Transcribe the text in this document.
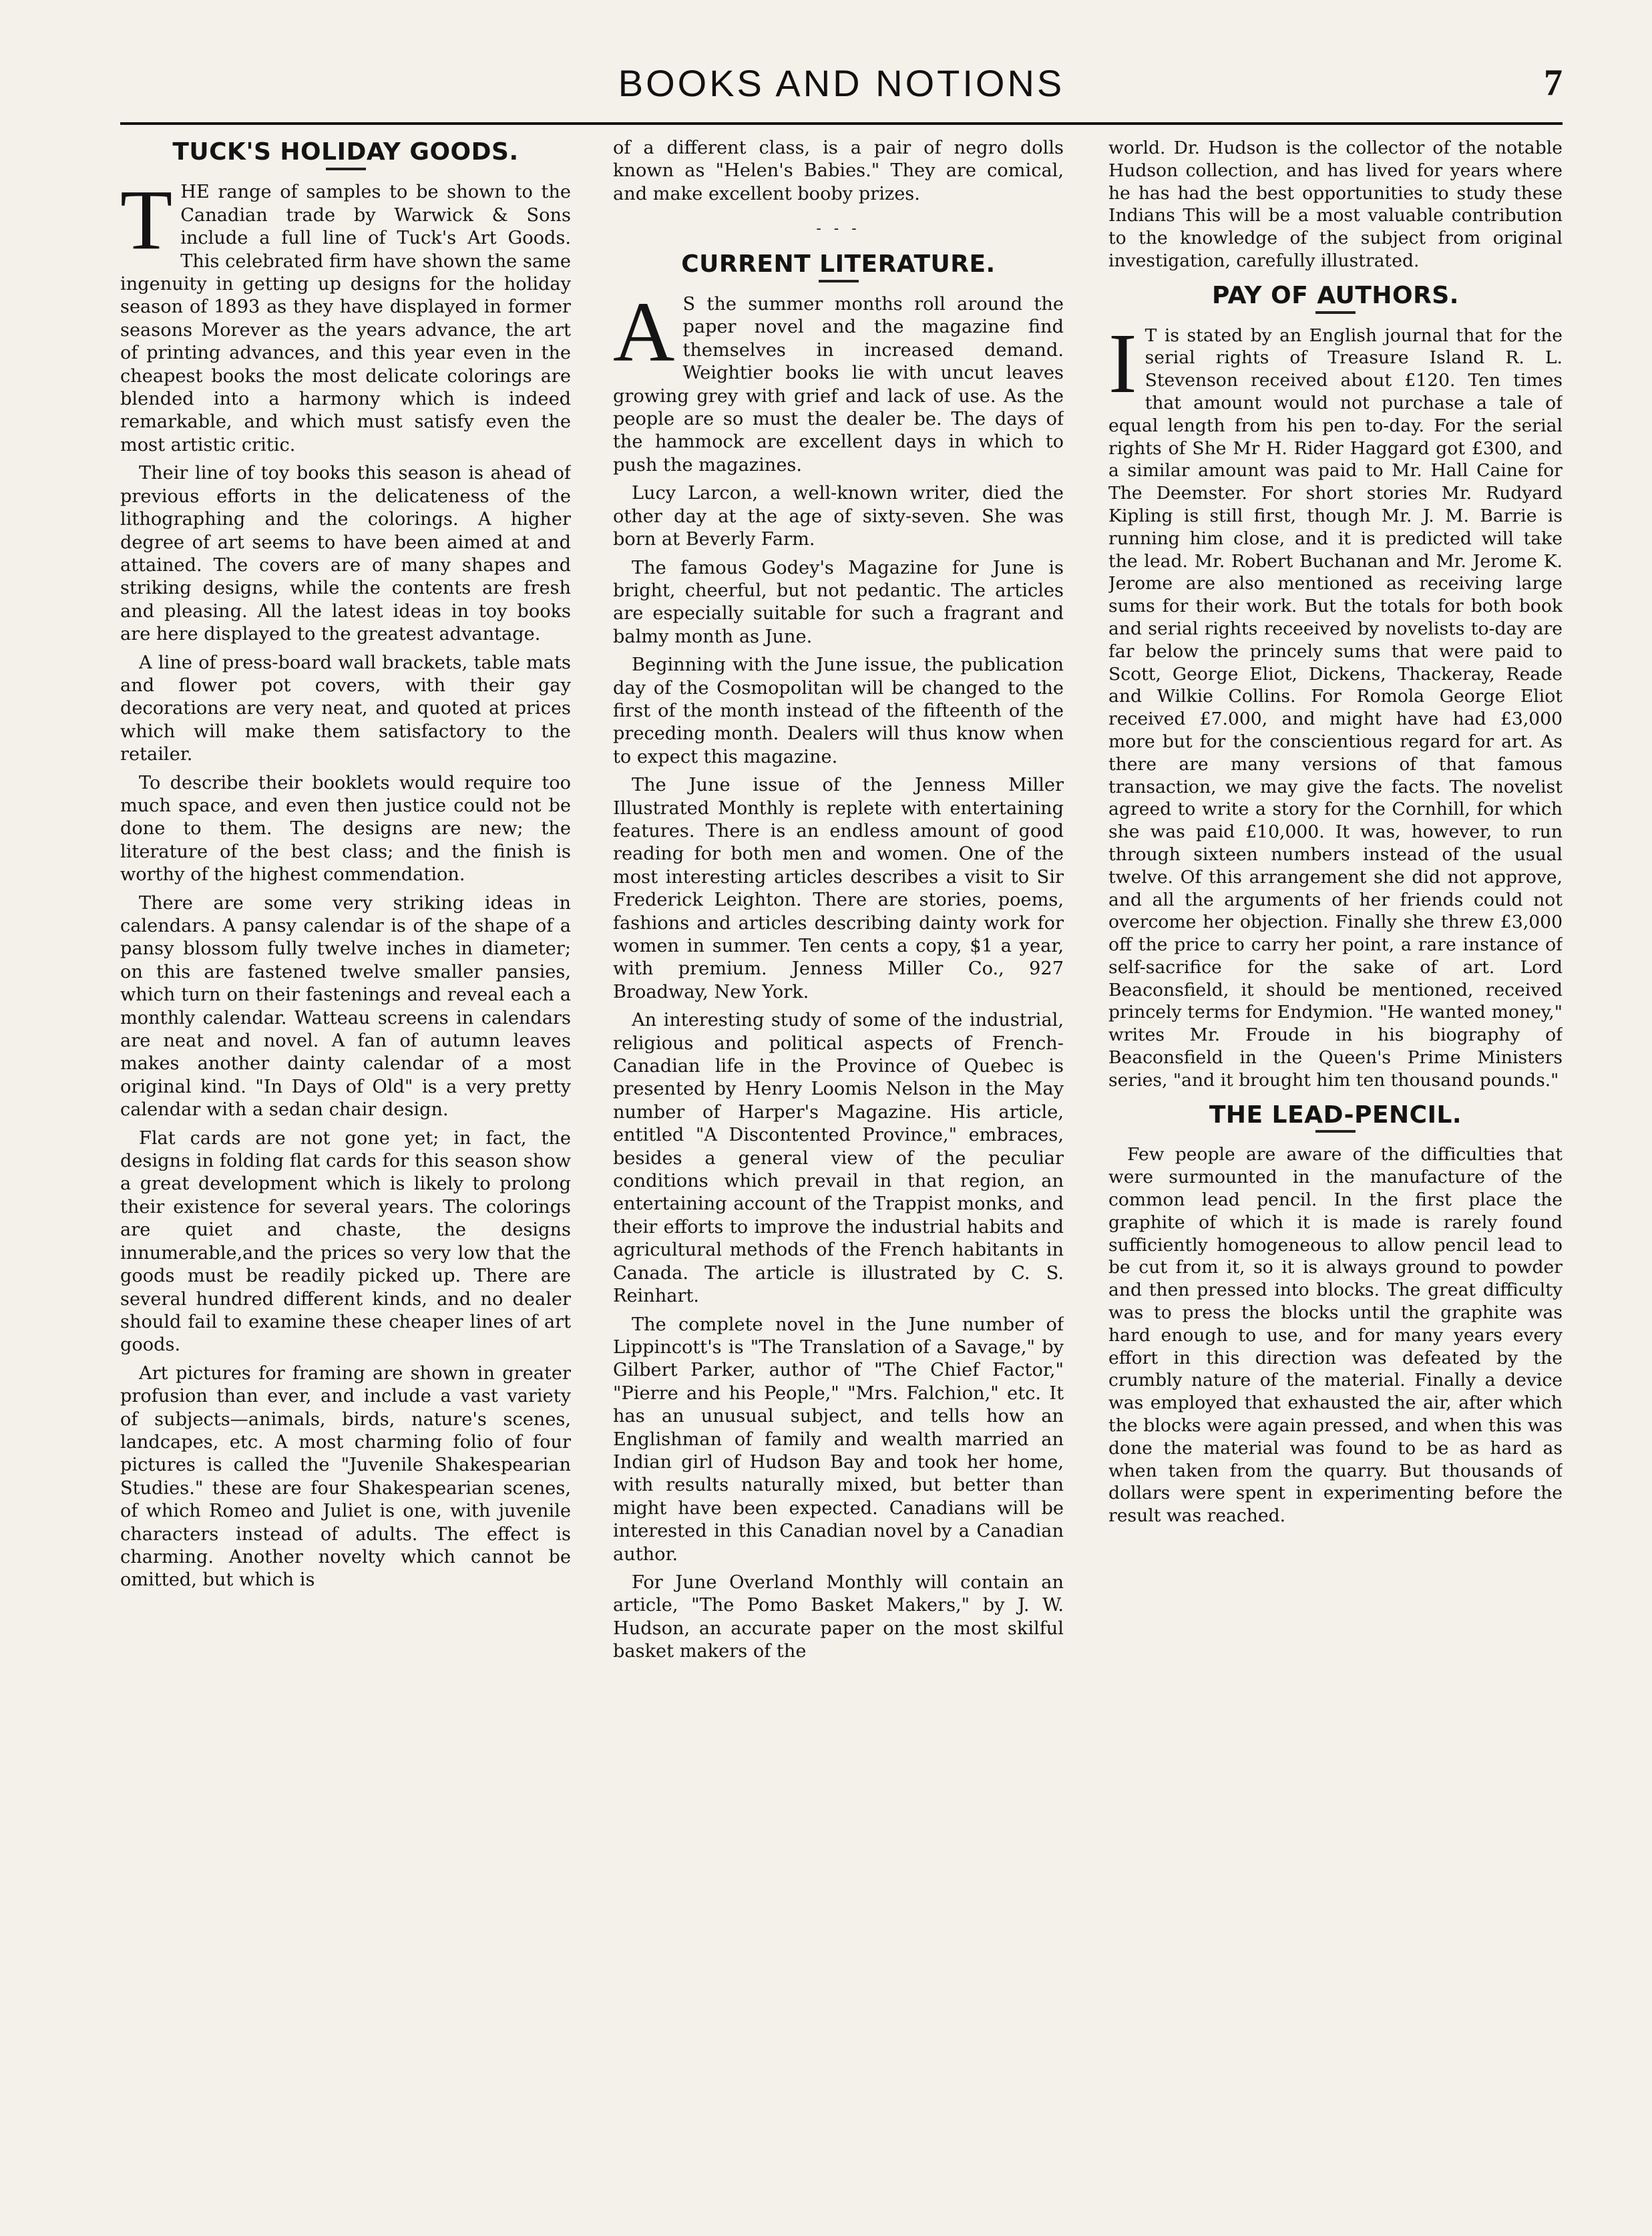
BOOKS AND NOTIONS	7
TUCK'S HOLIDAY GOODS.

THE range of samples to be shown to the Canadian trade by Warwick & Sons include a full line of Tuck's Art Goods. This celebrated firm have shown the same ingenuity in getting up designs for the holiday season of 1893 as they have displayed in former seasons Morever as the years advance, the art of printing advances, and this year even in the cheapest books the most delicate colorings are blended into a harmony which is indeed remarkable, and which must satisfy even the most artistic critic.

Their line of toy books this season is ahead of previous efforts in the delicateness of the lithographing and the colorings. A higher degree of art seems to have been aimed at and attained. The covers are of many shapes and striking designs, while the contents are fresh and pleasing. All the latest ideas in toy books are here displayed to the greatest advantage.

A line of press-board wall brackets, table mats and flower pot covers, with their gay decorations are very neat, and quoted at prices which will make them satisfactory to the retailer.

To describe their booklets would require too much space, and even then justice could not be done to them. The designs are new; the literature of the best class; and the finish is worthy of the highest commendation.

There are some very striking ideas in calendars. A pansy calendar is of the shape of a pansy blossom fully twelve inches in diameter; on this are fastened twelve smaller pansies, which turn on their fastenings and reveal each a monthly calendar. Watteau screens in calendars are neat and novel. A fan of autumn leaves makes another dainty calendar of a most original kind. "In Days of Old" is a very pretty calendar with a sedan chair design.

Flat cards are not gone yet; in fact, the designs in folding flat cards for this season show a great development which is likely to prolong their existence for several years. The colorings are quiet and chaste, the designs innumerable,and the prices so very low that the goods must be readily picked up. There are several hundred different kinds, and no dealer should fail to examine these cheaper lines of art goods.

Art pictures for framing are shown in greater profusion than ever, and include a vast variety of subjects—animals, birds, nature's scenes, landcapes, etc. A most charming folio of four pictures is called the "Juvenile Shakespearian Studies." these are four Shakespearian scenes, of which Romeo and Juliet is one, with juvenile characters instead of adults. The effect is charming. Another novelty which cannot be omitted, but which is

of a different class, is a pair of negro dolls known as "Helen's Babies." They are comical, and make excellent booby prizes.

- - -
CURRENT LITERATURE.

A S the summer months roll around the paper novel and the magazine find themselves in increased demand. Weightier books lie with uncut leaves growing grey with grief and lack of use. As the people are so must the dealer be. The days of the hammock are excellent days in which to push the magazines.

Lucy Larcon, a well-known writer, died the other day at the age of sixty-seven. She was born at Beverly Farm.

The famous Godey's Magazine for June is bright, cheerful, but not pedantic. The articles are especially suitable for such a fragrant and balmy month as June.

Beginning with the June issue, the publication day of the Cosmopolitan will be changed to the first of the month instead of the fifteenth of the preceding month. Dealers will thus know when to expect this magazine.

The June issue of the Jenness Miller Illustrated Monthly is replete with entertaining features. There is an endless amount of good reading for both men and women. One of the most interesting articles describes a visit to Sir Frederick Leighton. There are stories, poems, fashions and articles describing dainty work for women in summer. Ten cents a copy, $1 a year, with premium. Jenness Miller Co., 927 Broadway, New York.

An interesting study of some of the industrial, religious and political aspects of French-Canadian life in the Province of Quebec is presented by Henry Loomis Nelson in the May number of Harper's Magazine. His article, entitled "A Discontented Province," embraces, besides a general view of the peculiar conditions which prevail in that region, an entertaining account of the Trappist monks, and their efforts to improve the industrial habits and agricultural methods of the French habitants in Canada. The article is illustrated by C. S. Reinhart.

The complete novel in the June number of Lippincott's is "The Translation of a Savage," by Gilbert Parker, author of "The Chief Factor," "Pierre and his People," "Mrs. Falchion," etc. It has an unusual subject, and tells how an Englishman of family and wealth married an Indian girl of Hudson Bay and took her home, with results naturally mixed, but better than might have been expected. Canadians will be interested in this Canadian novel by a Canadian author.

For June Overland Monthly will contain an article, "The Pomo Basket Makers," by J. W. Hudson, an accurate paper on the most skilful basket makers of the

world. Dr. Hudson is the collector of the notable Hudson collection, and has lived for years where he has had the best opportunities to study these Indians This will be a most valuable contribution to the knowledge of the subject from original investigation, carefully illustrated.

PAY OF AUTHORS.

I T is stated by an English journal that for the serial rights of Treasure Island R. L. Stevenson received about £120. Ten times that amount would not purchase a tale of equal length from his pen to-day. For the serial rights of She Mr H. Rider Haggard got £300, and a similar amount was paid to Mr. Hall Caine for The Deemster. For short stories Mr. Rudyard Kipling is still first, though Mr. J. M. Barrie is running him close, and it is predicted will take the lead. Mr. Robert Buchanan and Mr. Jerome K. Jerome are also mentioned as receiving large sums for their work. But the totals for both book and serial rights receeived by novelists to-day are far below the princely sums that were paid to Scott, George Eliot, Dickens, Thackeray, Reade and Wilkie Collins. For Romola George Eliot received £7.000, and might have had £3,000 more but for the conscientious regard for art. As there are many versions of that famous transaction, we may give the facts. The novelist agreed to write a story for the Cornhill, for which she was paid £10,000. It was, however, to run through sixteen numbers instead of the usual twelve. Of this arrangement she did not approve, and all the arguments of her friends could not overcome her objection. Finally she threw £3,000 off the price to carry her point, a rare instance of self-sacrifice for the sake of art. Lord Beaconsfield, it should be mentioned, received princely terms for Endymion. "He wanted money," writes Mr. Froude in his biography of Beaconsfield in the Queen's Prime Ministers series, "and it brought him ten thousand pounds."

THE LEAD-PENCIL.

Few people are aware of the difficulties that were surmounted in the manufacture of the common lead pencil. In the first place the graphite of which it is made is rarely found sufficiently homogeneous to allow pencil lead to be cut from it, so it is always ground to powder and then pressed into blocks. The great difficulty was to press the blocks until the graphite was hard enough to use, and for many years every effort in this direction was defeated by the crumbly nature of the material. Finally a device was employed that exhausted the air, after which the blocks were again pressed, and when this was done the material was found to be as hard as when taken from the quarry. But thousands of dollars were spent in experimenting before the result was reached.
